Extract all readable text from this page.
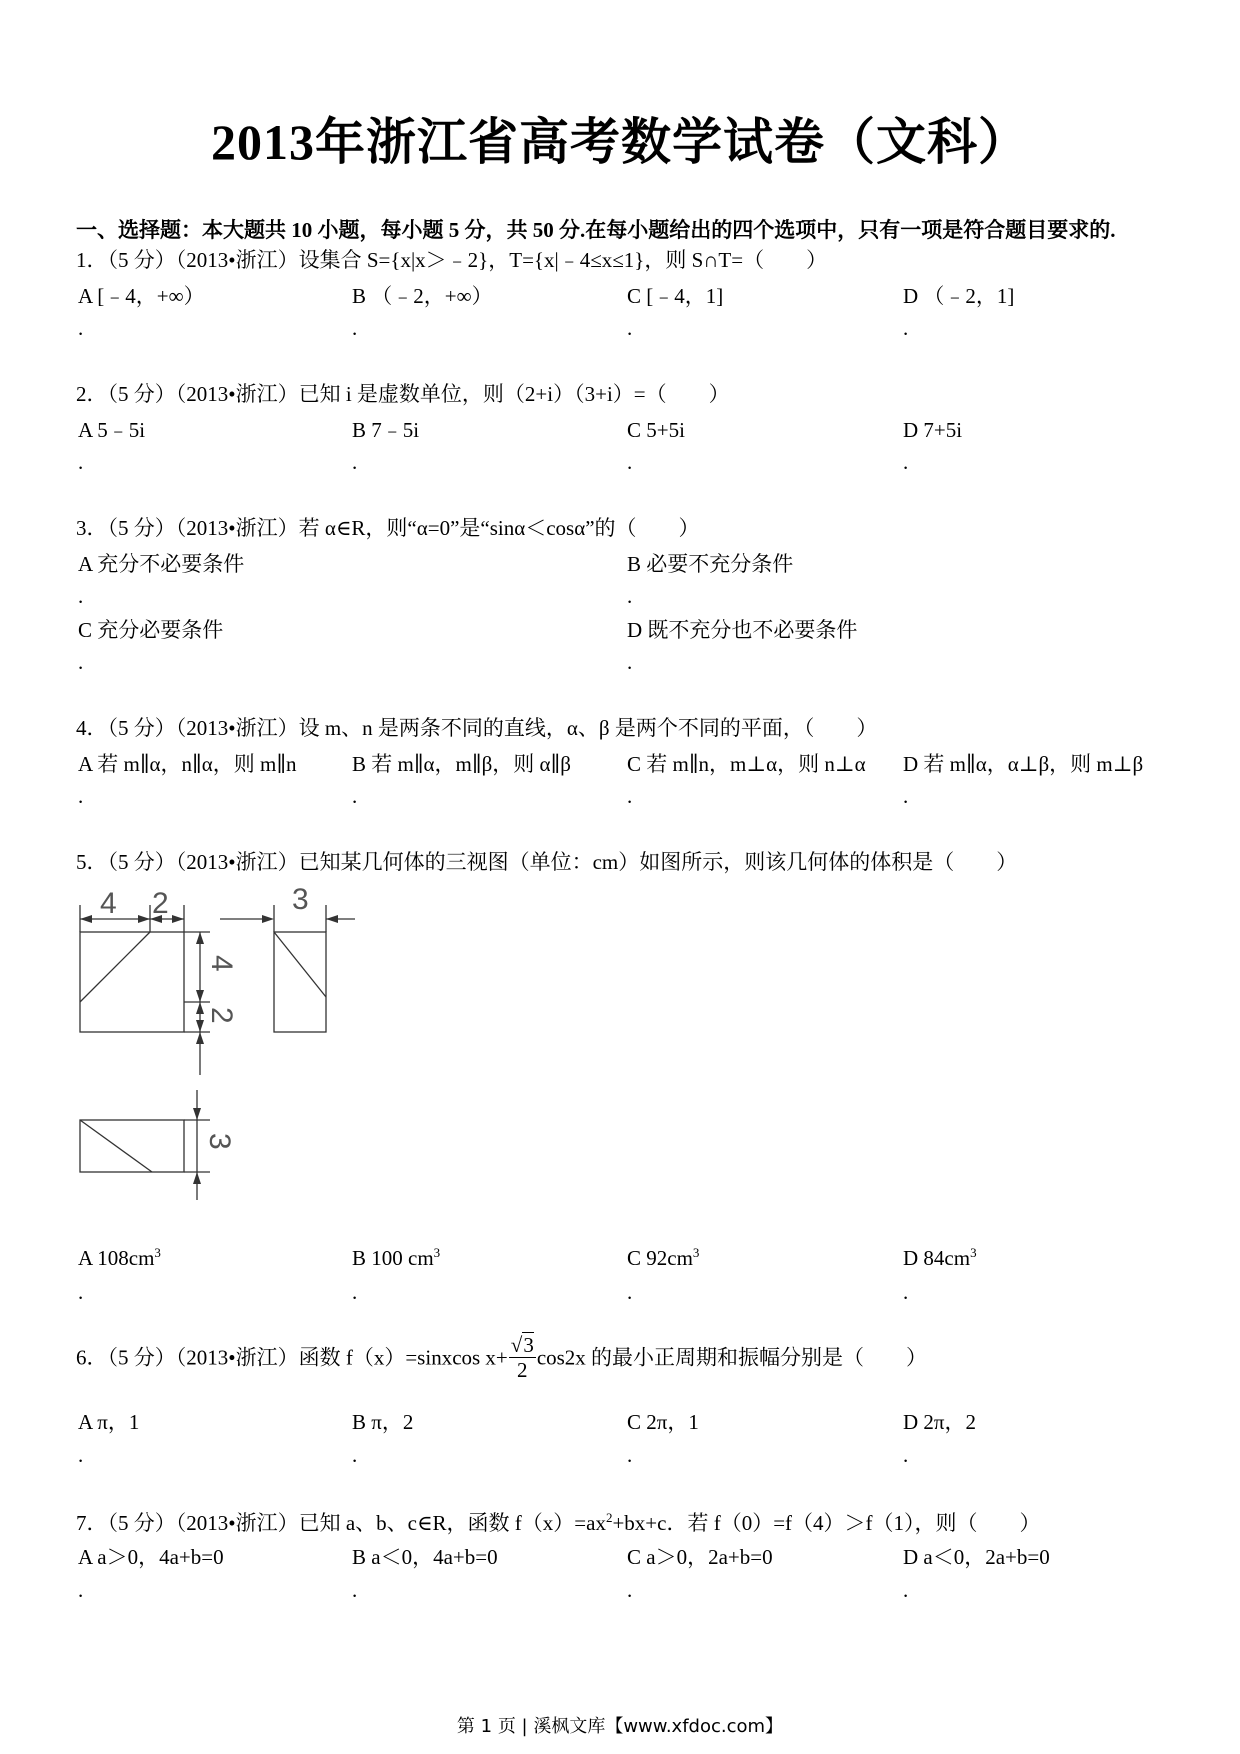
2013年浙江省高考数学试卷（文科）
一、选择题：本大题共 10 小题，每小题 5 分，共 50 分.在每小题给出的四个选项中，只有一项是符合题目要求的.
1．（5 分）（2013•浙江）设集合 S={x|x＞﹣2}，T={x|﹣4≤x≤1}，则 S∩T=（　　）
A [﹣4，+∞）	B （﹣2，+∞）	C [﹣4，1]	D （﹣2，1]
.	.	.	.
2．（5 分）（2013•浙江）已知 i 是虚数单位，则（2+i）（3+i）=（　　）
A 5﹣5i	B 7﹣5i	C 5+5i	D 7+5i
.	.	.	.
3．（5 分）（2013•浙江）若 α∈R，则“α=0”是“sinα＜cosα”的（　　）
A 充分不必要条件	B 必要不充分条件
.	.
C 充分必要条件	D 既不充分也不必要条件
.	.
4．（5 分）（2013•浙江）设 m、n 是两条不同的直线，α、β 是两个不同的平面，（　　）
A 若 m∥α，n∥α，则 m∥n	B 若 m∥α，m∥β，则 α∥β	C 若 m∥n，m⊥α，则 n⊥α D 若 m∥α，α⊥β，则 m⊥β
.	.	.	.
5．（5 分）（2013•浙江）已知某几何体的三视图（单位：cm）如图所示，则该几何体的体积是（　　）
4 2	3
4
2
3
A $108cm^3$	B 100 $cm^3$	C $92cm^3$	D $84cm^3$
.	.	.	.
6．（5 分）（2013•浙江）函数 f（x）=sinxcos $x+ \frac{√3}{2} \cos 2x$ 的最小正周期和振幅分别是（　　）
A π，1	B π，2	C 2π，1	D 2π，2
.	.	.	.
7．（5 分）（2013•浙江）已知 a、b、c∈R，函数 $f(x)=ax^2+bx+c$．若 f（0）=f（4）＞f（1），则（　　）
A a＞0，4a+b=0	B a＜0，4a+b=0	C a＞0，2a+b=0	D a＜0，2a+b=0
.	.	.	.
第 1 页 | 溪枫文库【www.xfdoc.com】
